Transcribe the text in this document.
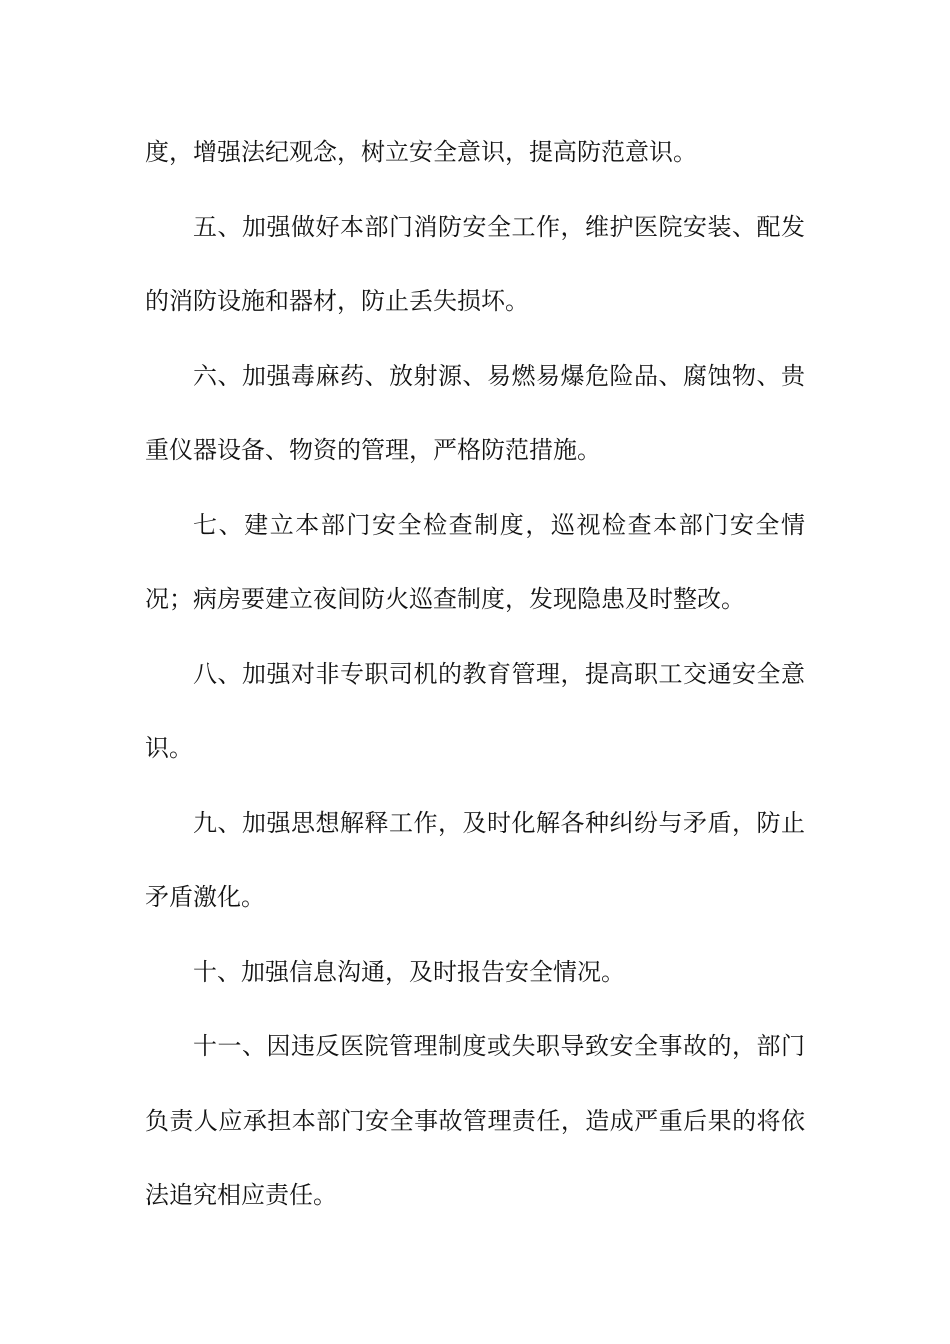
度，增强法纪观念，树立安全意识，提高防范意识。

五、加强做好本部门消防安全工作，维护医院安装、配发的消防设施和器材，防止丢失损坏。

六、加强毒麻药、放射源、易燃易爆危险品、腐蚀物、贵重仪器设备、物资的管理，严格防范措施。

七、建立本部门安全检查制度，巡视检查本部门安全情况；病房要建立夜间防火巡查制度，发现隐患及时整改。

八、加强对非专职司机的教育管理，提高职工交通安全意识。

九、加强思想解释工作，及时化解各种纠纷与矛盾，防止矛盾激化。

十、加强信息沟通，及时报告安全情况。

十一、因违反医院管理制度或失职导致安全事故的，部门负责人应承担本部门安全事故管理责任，造成严重后果的将依法追究相应责任。
